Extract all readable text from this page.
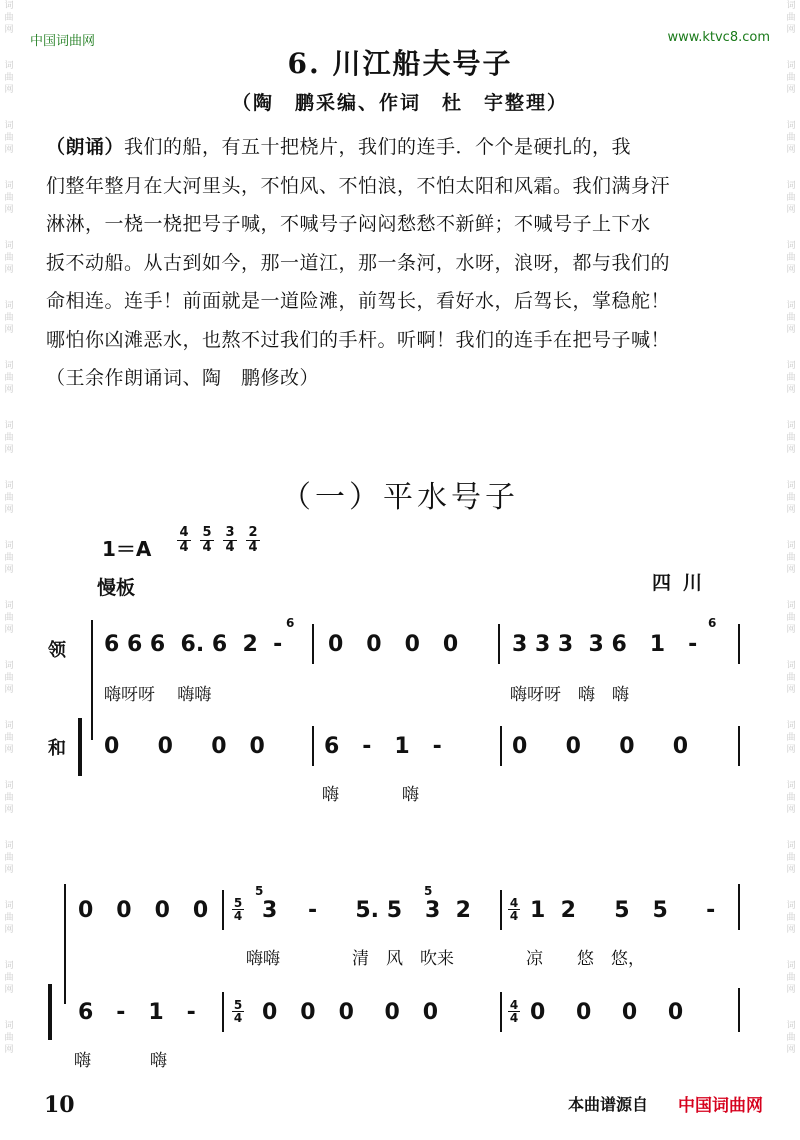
词
曲
网
词
曲
网
词
曲
网
词
曲
网
词
曲
网
词
曲
网
词
曲
网
词
曲
网
词
曲
网
词
曲
网
词
曲
网
词
曲
网
词
曲
网
词
曲
网
词
曲
网
词
曲
网
词
曲
网
词
曲
网
词
曲
网
词
曲
网
词
曲
网
词
曲
网
词
曲
网
词
曲
网
词
曲
网
词
曲
网
词
曲
网
词
曲
网
词
曲
网
词
曲
网
词
曲
网
词
曲
网
词
曲
网
词
曲
网
词
曲
网
词
曲
网
中国词曲网	www.ktvc8.com
6. 川江船夫号子
（陶　鹏采编、作词　杜　宇整理）
（朗诵）我们的船，有五十把桡片，我们的连手．个个是硬扎的，我
们整年整月在大河里头，不怕风、不怕浪，不怕太阳和风霜。我们满身汗
淋淋，一桡一桡把号子喊，不喊号子闷闷愁愁不新鲜；不喊号子上下水
扳不动船。从古到如今，那一道江，那一条河，水呀，浪呀，都与我们的
命相连。连手！前面就是一道险滩，前驾长，看好水，后驾长，掌稳舵！
哪怕你凶滩恶水，也熬不过我们的手杆。听啊！我们的连手在把号子喊！
（王余作朗诵词、陶　鹏修改）
（一）平水号子
1＝A
4
4
5
4
3
4
2
4
慢板	四川
领
和
6 6 6  6. 6  2  -
6
0   0   0   0 3 3 3  3 6   1   -
6
嗨呀呀　 嗨嗨	嗨呀呀　嗨　嗨
0     0     0   0	6   -   1   -	0     0     0     0
嗨	嗨
0   0   0   0 5
4
5	5
3    -     5. 5   3  2	4
4 1  2     5   5     -
嗨嗨	清　风　吹来	凉　　悠　悠，
6   -   1   -	5
4 0   0   0    0   0	4
4 0    0    0    0
嗨	嗨
10	本曲谱源自 中国词曲网
